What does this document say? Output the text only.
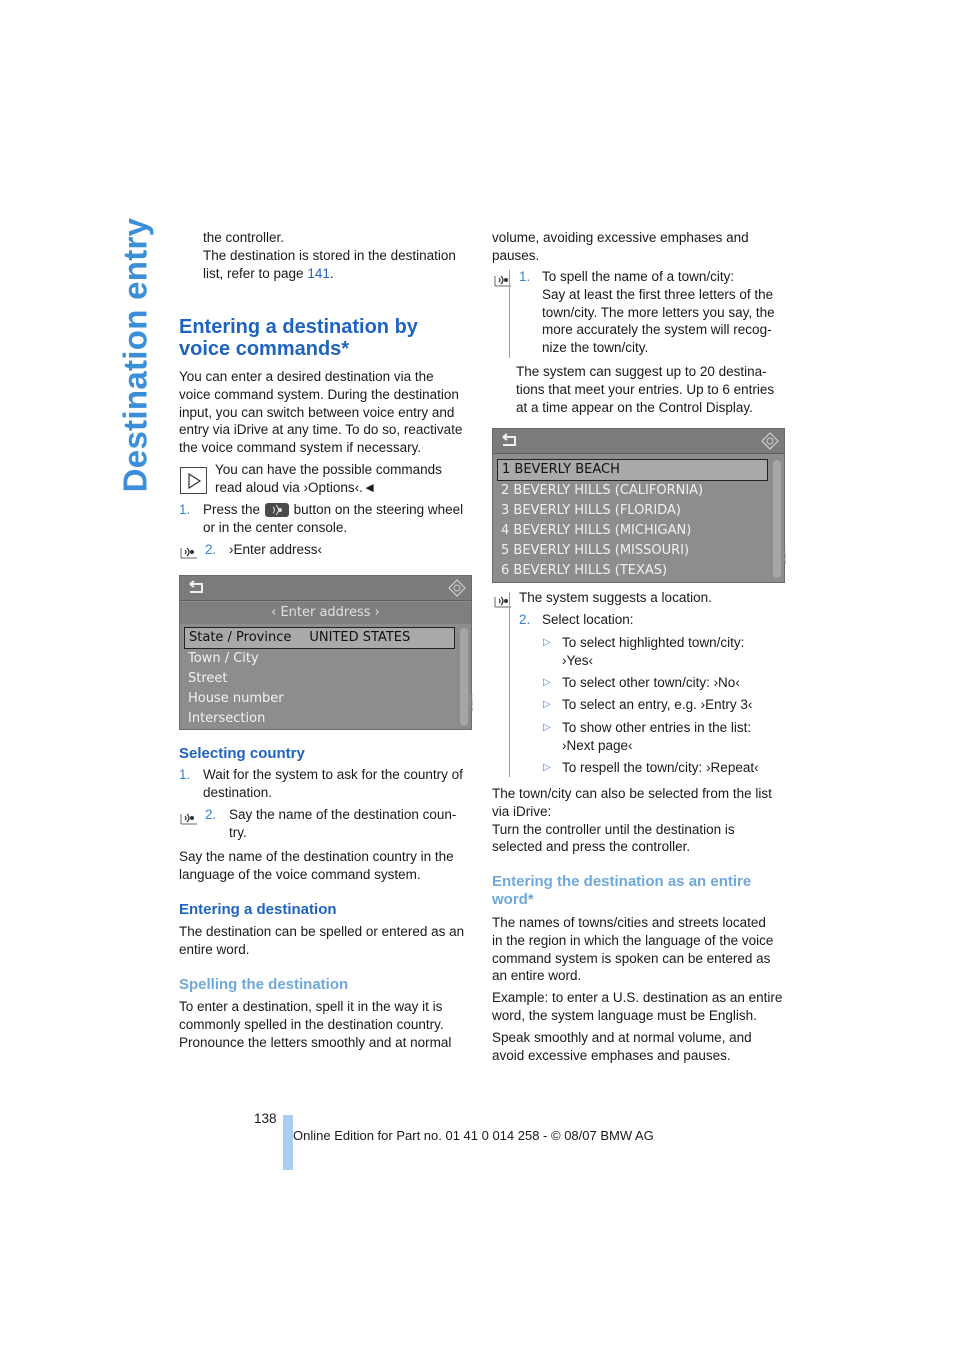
Destination entry	the controller.
The destination is stored in the destination
list, refer to page 141.
Entering a destination by
voice commands*
You can enter a desired destination via the
voice command system. During the destination
input, you can switch between voice entry and
entry via iDrive at any time. To do so, reactivate
the voice command system if necessary.
You can have the possible commands
read aloud via ›Options‹.◄
1. Press the button on the steering wheel
or in the center console.
2. ›Enter address‹
‹ Enter address ›
State / Province UNITED STATES
Town / City
Street
House number
Intersection
V4R/E
Selecting country
1. Wait for the system to ask for the country of
destination.
2. Say the name of the destination coun-
try.
Say the name of the destination country in the
language of the voice command system.
Entering a destination
The destination can be spelled or entered as an
entire word.
Spelling the destination
To enter a destination, spell it in the way it is
commonly spelled in the destination country.
Pronounce the letters smoothly and at normal
volume, avoiding excessive emphases and
pauses.
1. To spell the name of a town/city:
Say at least the first three letters of the
town/city. The more letters you say, the
more accurately the system will recog-
nize the town/city.
The system can suggest up to 20 destina-
tions that meet your entries. Up to 6 entries
at a time appear on the Control Display.
1 BEVERLY BEACH
2 BEVERLY HILLS (CALIFORNIA)
3 BEVERLY HILLS (FLORIDA)
4 BEVERLY HILLS (MICHIGAN)
5 BEVERLY HILLS (MISSOURI)
6 BEVERLY HILLS (TEXAS)
V4R/E
The system suggests a location.
2. Select location:
▷ To select highlighted town/city:
›Yes‹
▷ To select other town/city: ›No‹
▷ To select an entry, e.g. ›Entry 3‹
▷ To show other entries in the list:
›Next page‹
▷ To respell the town/city: ›Repeat‹
The town/city can also be selected from the list
via iDrive:
Turn the controller until the destination is
selected and press the controller.
Entering the destination as an entire
word*
The names of towns/cities and streets located
in the region in which the language of the voice
command system is spoken can be entered as
an entire word.
Example: to enter a U.S. destination as an entire
word, the system language must be English.
Speak smoothly and at normal volume, and
avoid excessive emphases and pauses.
138
Online Edition for Part no. 01 41 0 014 258 - © 08/07 BMW AG
